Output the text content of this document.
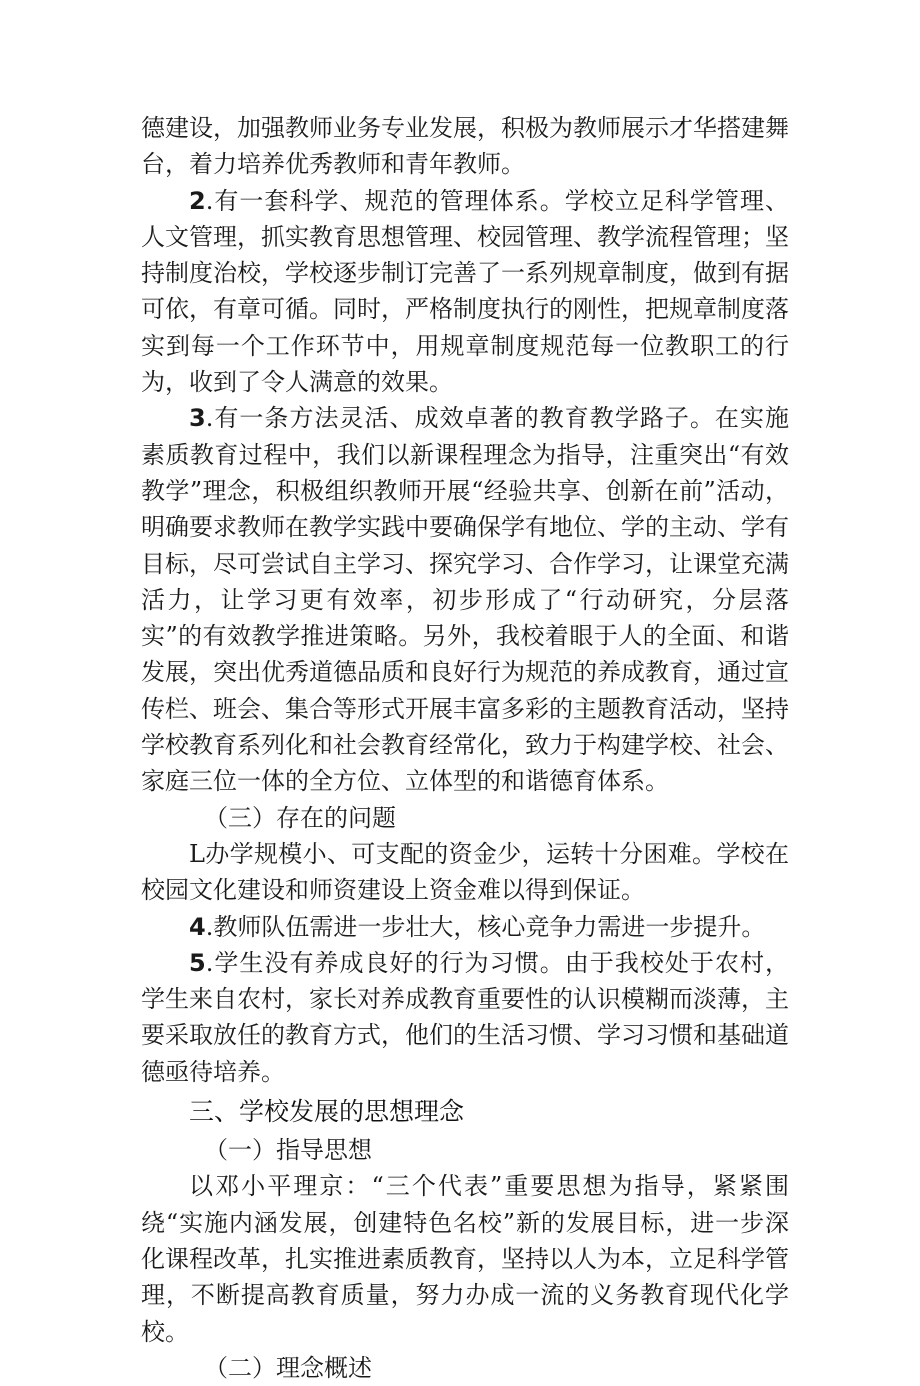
德建设，加强教师业务专业发展，积极为教师展示才华搭建舞台，着力培养优秀教师和青年教师。

2.有一套科学、规范的管理体系。学校立足科学管理、人文管理，抓实教育思想管理、校园管理、教学流程管理；坚持制度治校，学校逐步制订完善了一系列规章制度，做到有据可依，有章可循。同时，严格制度执行的刚性，把规章制度落实到每一个工作环节中，用规章制度规范每一位教职工的行为，收到了令人满意的效果。

3.有一条方法灵活、成效卓著的教育教学路子。在实施素质教育过程中，我们以新课程理念为指导，注重突出“有效教学”理念，积极组织教师开展“经验共享、创新在前”活动，明确要求教师在教学实践中要确保学有地位、学的主动、学有目标，尽可尝试自主学习、探究学习、合作学习，让课堂充满活力，让学习更有效率，初步形成了“行动研究，分层落实”的有效教学推进策略。另外，我校着眼于人的全面、和谐发展，突出优秀道德品质和良好行为规范的养成教育，通过宣传栏、班会、集合等形式开展丰富多彩的主题教育活动，坚持学校教育系列化和社会教育经常化，致力于构建学校、社会、家庭三位一体的全方位、立体型的和谐德育体系。

（三）存在的问题

L办学规模小、可支配的资金少，运转十分困难。学校在校园文化建设和师资建设上资金难以得到保证。

4.教师队伍需进一步壮大，核心竞争力需进一步提升。

5.学生没有养成良好的行为习惯。由于我校处于农村，学生来自农村，家长对养成教育重要性的认识模糊而淡薄，主要采取放任的教育方式，他们的生活习惯、学习习惯和基础道德亟待培养。

三、学校发展的思想理念

（一）指导思想

以邓小平理京：“三个代表”重要思想为指导，紧紧围绕“实施内涵发展，创建特色名校”新的发展目标，进一步深化课程改革，扎实推进素质教育，坚持以人为本，立足科学管理，不断提高教育质量，努力办成一流的义务教育现代化学校。

（二）理念概述
